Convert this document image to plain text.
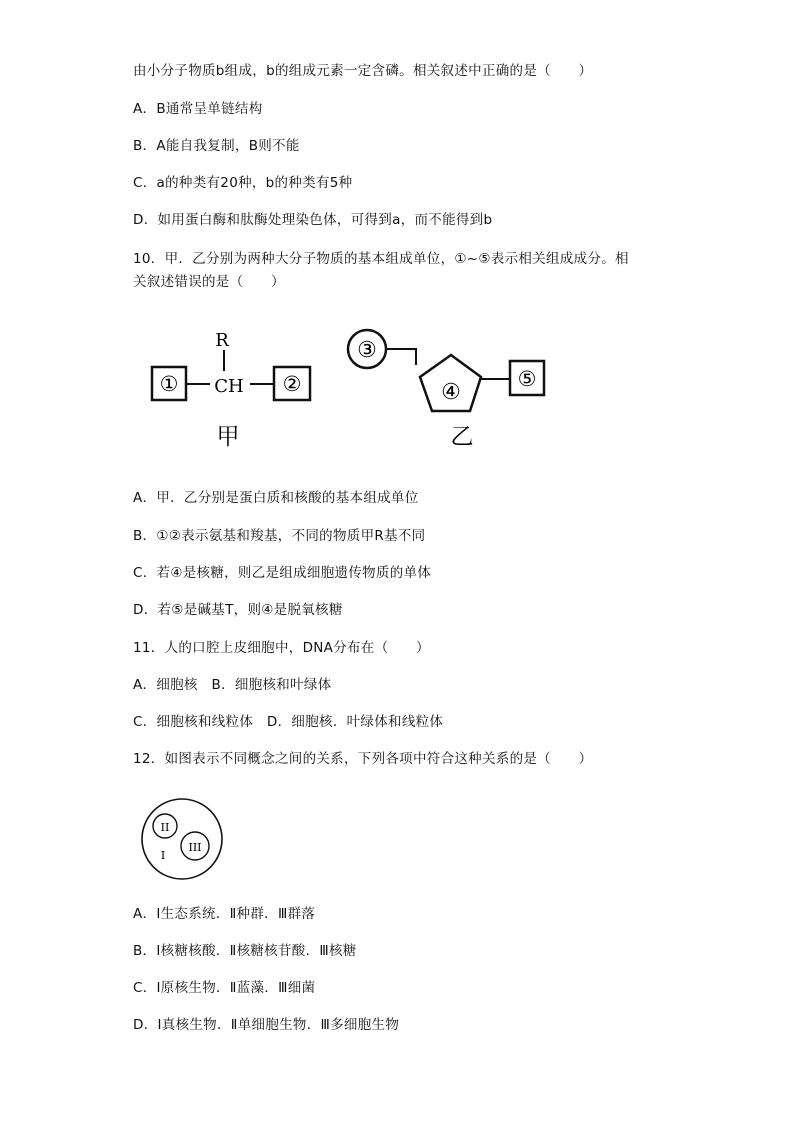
由小分子物质b组成，b的组成元素一定含磷。相关叙述中正确的是（　　）
A．B通常呈单链结构
B．A能自我复制，B则不能
C．a的种类有20种，b的种类有5种
D．如用蛋白酶和肽酶处理染色体，可得到a，而不能得到b
10．甲．乙分别为两种大分子物质的基本组成单位，①~⑤表示相关组成成分。相
关叙述错误的是（　　）
①
R
CH ②
甲
③
④
⑤
乙
A．甲．乙分别是蛋白质和核酸的基本组成单位
B．①②表示氨基和羧基，不同的物质甲R基不同
C．若④是核糖，则乙是组成细胞遗传物质的单体
D．若⑤是碱基T，则④是脱氧核糖
11．人的口腔上皮细胞中，DNA分布在（　　）
A．细胞核　B．细胞核和叶绿体
C．细胞核和线粒体　D．细胞核．叶绿体和线粒体
12．如图表示不同概念之间的关系，下列各项中符合这种关系的是（　　）
II
III
I
A．Ⅰ生态系统．Ⅱ种群．Ⅲ群落
B．Ⅰ核糖核酸．Ⅱ核糖核苷酸．Ⅲ核糖
C．Ⅰ原核生物．Ⅱ蓝藻．Ⅲ细菌
D．Ⅰ真核生物．Ⅱ单细胞生物．Ⅲ多细胞生物
